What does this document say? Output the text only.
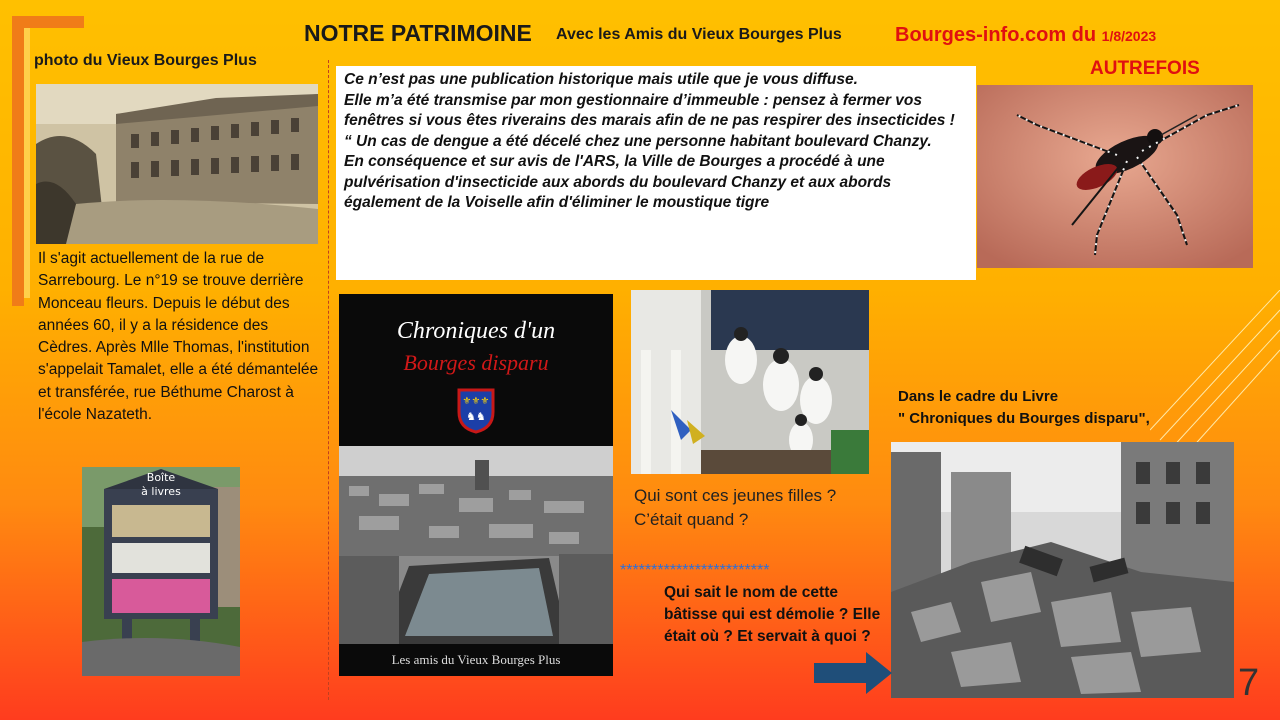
NOTRE PATRIMOINE Avec les Amis du Vieux Bourges Plus	Bourges-info.com du 1/8/2023
AUTREFOIS
photo du Vieux Bourges Plus
Il s'agit actuellement de la rue de Sarrebourg. Le n°19 se trouve derrière Monceau fleurs. Depuis le début des années 60, il y a la résidence des Cèdres. Après Mlle Thomas, l'institution s'appelait Tamalet, elle a été démantelée et transférée, rue Béthume Charost à l'école Nazateth.
Boîte
à livres

Ce n’est pas une publication historique mais utile que je vous diffuse.

Elle m’a été transmise par mon gestionnaire d’immeuble : pensez à fermer vos fenêtres si vous êtes riverains des marais afin de ne pas respirer des insecticides !

“ Un cas de dengue a été décelé chez une personne habitant boulevard Chanzy.

En conséquence et sur avis de l'ARS, la Ville de Bourges a procédé à une pulvérisation d'insecticide aux abords du boulevard Chanzy et aux abords également de la Voiselle afin d'éliminer le moustique tigre

Chroniques d'un
Bourges disparu
⚜⚜⚜
♞♞
Les amis du Vieux Bourges Plus
Qui sont ces jeunes filles ? C’était quand ?
************************
Qui sait le nom de cette bâtisse qui est démolie ? Elle était où ? Et servait à quoi ?
Dans le cadre du Livre
" Chroniques du Bourges disparu",
7
